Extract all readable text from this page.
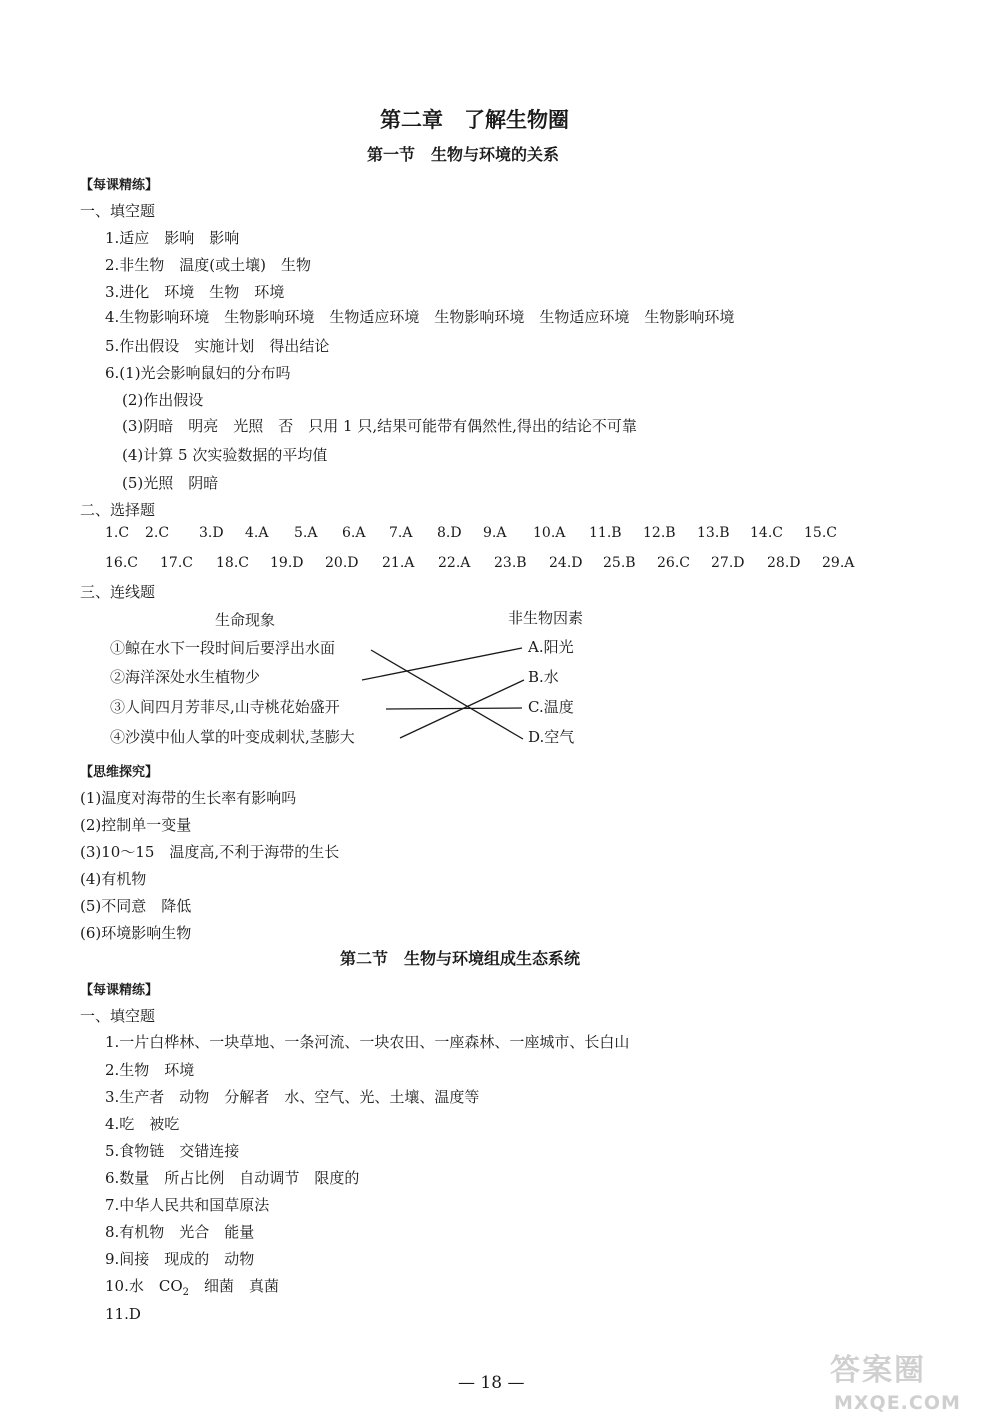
第二章　了解生物圈
第一节　生物与环境的关系
【每课精练】
一、填空题
1.适应　影响　影响
2.非生物　温度(或土壤)　生物
3.进化　环境　生物　环境
4.生物影响环境　生物影响环境　生物适应环境　生物影响环境　生物适应环境　生物影响环境
5.作出假设　实施计划　得出结论
6.(1)光会影响鼠妇的分布吗
(2)作出假设
(3)阴暗　明亮　光照　否　只用 1 只,结果可能带有偶然性,得出的结论不可靠
(4)计算 5 次实验数据的平均值
(5)光照　阴暗
二、选择题
1.C 2.C 3.D 4.A 5.A 6.A 7.A 8.D 9.A 10.A 11.B 12.B 13.B 14.C 15.C
16.C 17.C 18.C 19.D 20.D 21.A 22.A 23.B 24.D 25.B 26.C 27.D 28.D 29.A
三、连线题
生命现象	非生物因素
①鲸在水下一段时间后要浮出水面
②海洋深处水生植物少
③人间四月芳菲尽,山寺桃花始盛开
④沙漠中仙人掌的叶变成刺状,茎膨大
A.阳光
B.水
C.温度
D.空气
【思维探究】
(1)温度对海带的生长率有影响吗
(2)控制单一变量
(3)10～15　温度高,不利于海带的生长
(4)有机物
(5)不同意　降低
(6)环境影响生物
第二节　生物与环境组成生态系统
【每课精练】
一、填空题
1.一片白桦林、一块草地、一条河流、一块农田、一座森林、一座城市、长白山
2.生物　环境
3.生产者　动物　分解者　水、空气、光、土壤、温度等
4.吃　被吃
5.食物链　交错连接
6.数量　所占比例　自动调节　限度的
7.中华人民共和国草原法
8.有机物　光合　能量
9.间接　现成的　动物
10.水　$CO_2$　细菌　真菌
11.D
— 18 —	答案圈
MXQE.COM
